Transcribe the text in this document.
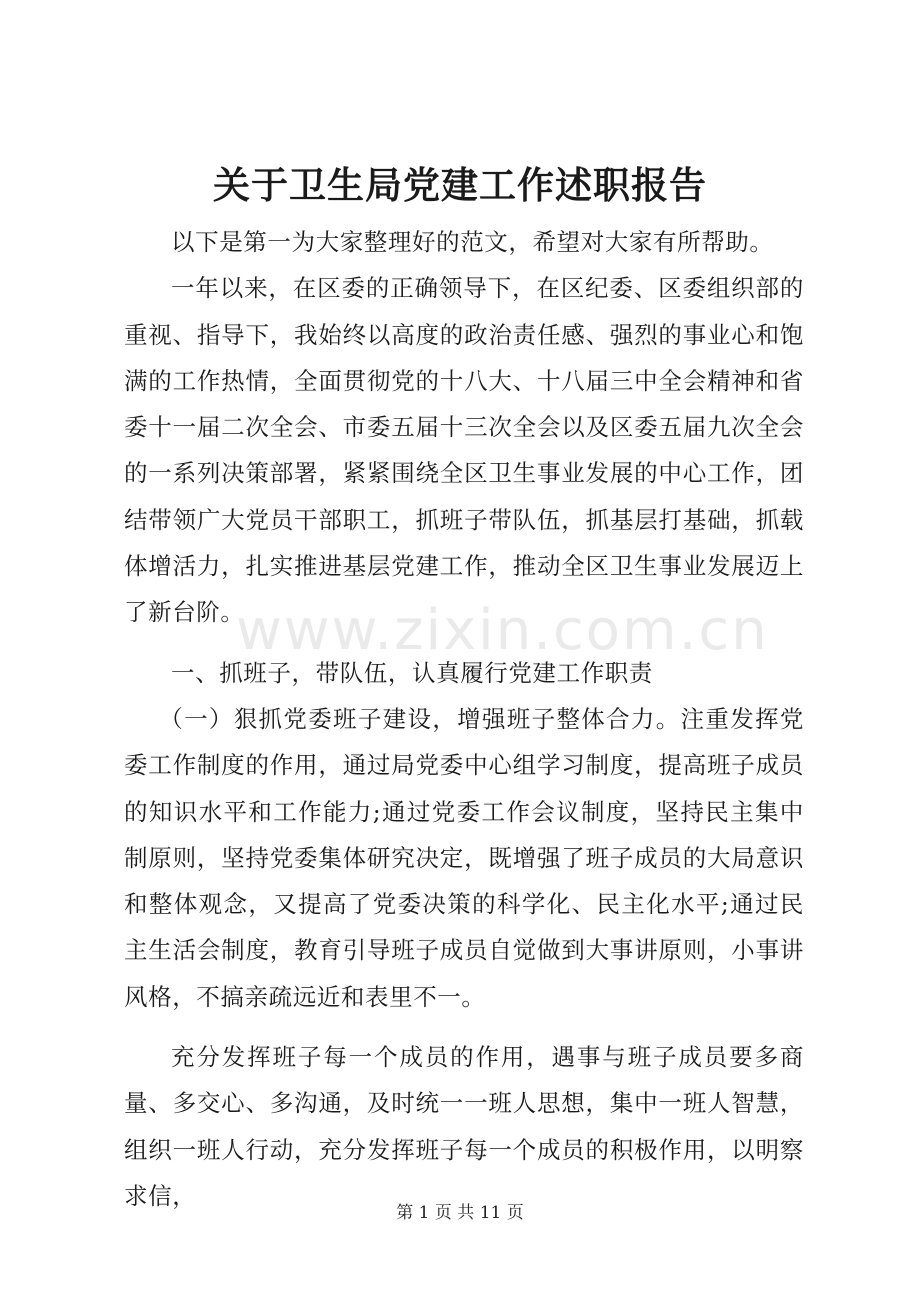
关于卫生局党建工作述职报告

以下是第一为大家整理好的范文，希望对大家有所帮助。

一年以来，在区委的正确领导下，在区纪委、区委组织部的重视、指导下，我始终以高度的政治责任感、强烈的事业心和饱满的工作热情，全面贯彻党的十八大、十八届三中全会精神和省委十一届二次全会、市委五届十三次全会以及区委五届九次全会的一系列决策部署，紧紧围绕全区卫生事业发展的中心工作，团结带领广大党员干部职工，抓班子带队伍，抓基层打基础，抓载体增活力，扎实推进基层党建工作，推动全区卫生事业发展迈上了新台阶。

一、抓班子，带队伍，认真履行党建工作职责

（一）狠抓党委班子建设，增强班子整体合力。注重发挥党委工作制度的作用，通过局党委中心组学习制度，提高班子成员的知识水平和工作能力;通过党委工作会议制度，坚持民主集中制原则，坚持党委集体研究决定，既增强了班子成员的大局意识和整体观念，又提高了党委决策的科学化、民主化水平;通过民主生活会制度，教育引导班子成员自觉做到大事讲原则，小事讲风格，不搞亲疏远近和表里不一。

充分发挥班子每一个成员的作用，遇事与班子成员要多商量、多交心、多沟通，及时统一一班人思想，集中一班人智慧，组织一班人行动，充分发挥班子每一个成员的积极作用，以明察求信，

www.zixin.com.cn
第 1 页 共 11 页
